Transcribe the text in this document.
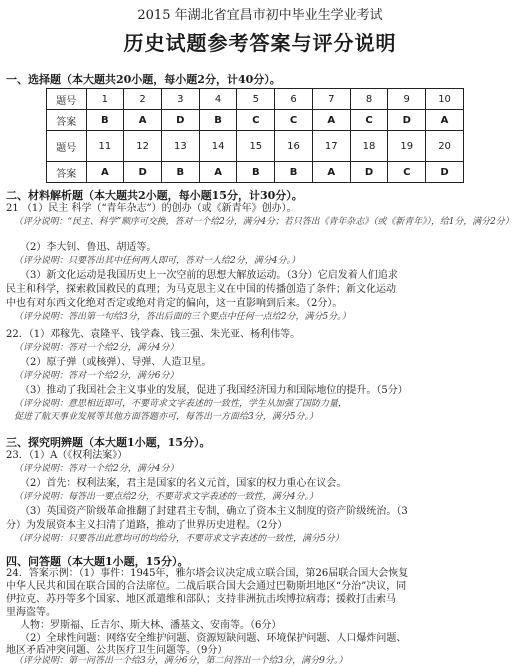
2015 年湖北省宜昌市初中毕业生学业考试
历史试题参考答案与评分说明
一、选择题（本大题共20小题，每小题2分，计40分）。
题号	1	2	3	4	5	6	7	8	9	10
答案	B	A	D	B	C	C	A	C	D	A
题号	11	12	13	14	15	16	17	18	19	20
答案	A	D	B	A	B	B	A	D	C	D
二、材料解析题（本大题共2小题，每小题15分，计30分）。
21 （1）民主 科学（“青年杂志”）的创办（或《新青年》创办）。
（评分说明：“民主、科学”顺序可交换，答对一个给2分，满分4分；若只答出《青年杂志》（或《新青年》），给1分，满分2分）
（2）李大钊、鲁迅、胡适等。
（评分说明：只要答出其中任何两人即可，答对一人给2分，满分4分。）
（3）新文化运动是我国历史上一次空前的思想大解放运动。（3分）它启发着人们追求
民主和科学，探索救国救民的真理；为马克思主义在中国的传播创造了条件；新文化运动
中也有对东西文化绝对否定或绝对肯定的偏向，这一直影响到后来。（2分）。
（评分说明：答出第一句给3分，答出后面的三个要点中任何一点给2分，满分5分。）
22．（1）邓稼先、袁隆平、钱学森、钱三强、朱光亚、杨利伟等。
（评分说明：答对一个给2分，满分4分）
（2）原子弹（或核弹）、导弹、人造卫星。
（评分说明：答对一个给2分，满分6分）
（3）推动了我国社会主义事业的发展，促进了我国经济国力和国际地位的提升。（5分）
（评分说明：意思相近即可，不要苛求文字表述的一致性，学生从加强了国防力量，
促进了航天事业发展等其他方面答题亦可，每答出一方面给3分，满分5分。）
三、探究明辨题（本大题1小题，15分）。
23．（1）A（《权利法案》）
（评分说明：答对一个给2分，满分4分）
（2）首先：权利法案，君主是国家的名义元首，国家的权力重心在议会。
（评分说明：每答出一要点给2分，不要苛求文字表述的一致性，满分4分。）
（3）英国资产阶级革命推翻了封建君主专制，确立了资本主义制度的资产阶级统治。（3
分）为发展资本主义扫清了道路，推动了世界历史进程。（2分）
（评分说明：只要答出此意均可的均给分，不要苛求文字表述的一致性，满分5分）
四、问答题（本大题1小题，15分）。
24．答案示例：（1）事件：1945年，雅尔塔会议决定成立联合国，第26届联合国大会恢复
中华人民共和国在联合国的合法席位。二战后联合国大会通过巴勒斯坦地区“分治”决议，同
伊拉克、苏丹等多个国家、地区派遣维和部队；支持非洲抗击埃博拉病毒；援救打击索马
里海盗等。
人物：罗斯福、丘吉尔、斯大林、潘基文、安南等。（6分）
（2）全球性问题：网络安全维护问题、资源短缺问题、环境保护问题、人口爆炸问题、
地区矛盾冲突问题、公共医疗卫生问题等。（9分）
（评分说明：第一问答出一个给3分，满分6分，第二问答出一个给3分，满分9分。）
